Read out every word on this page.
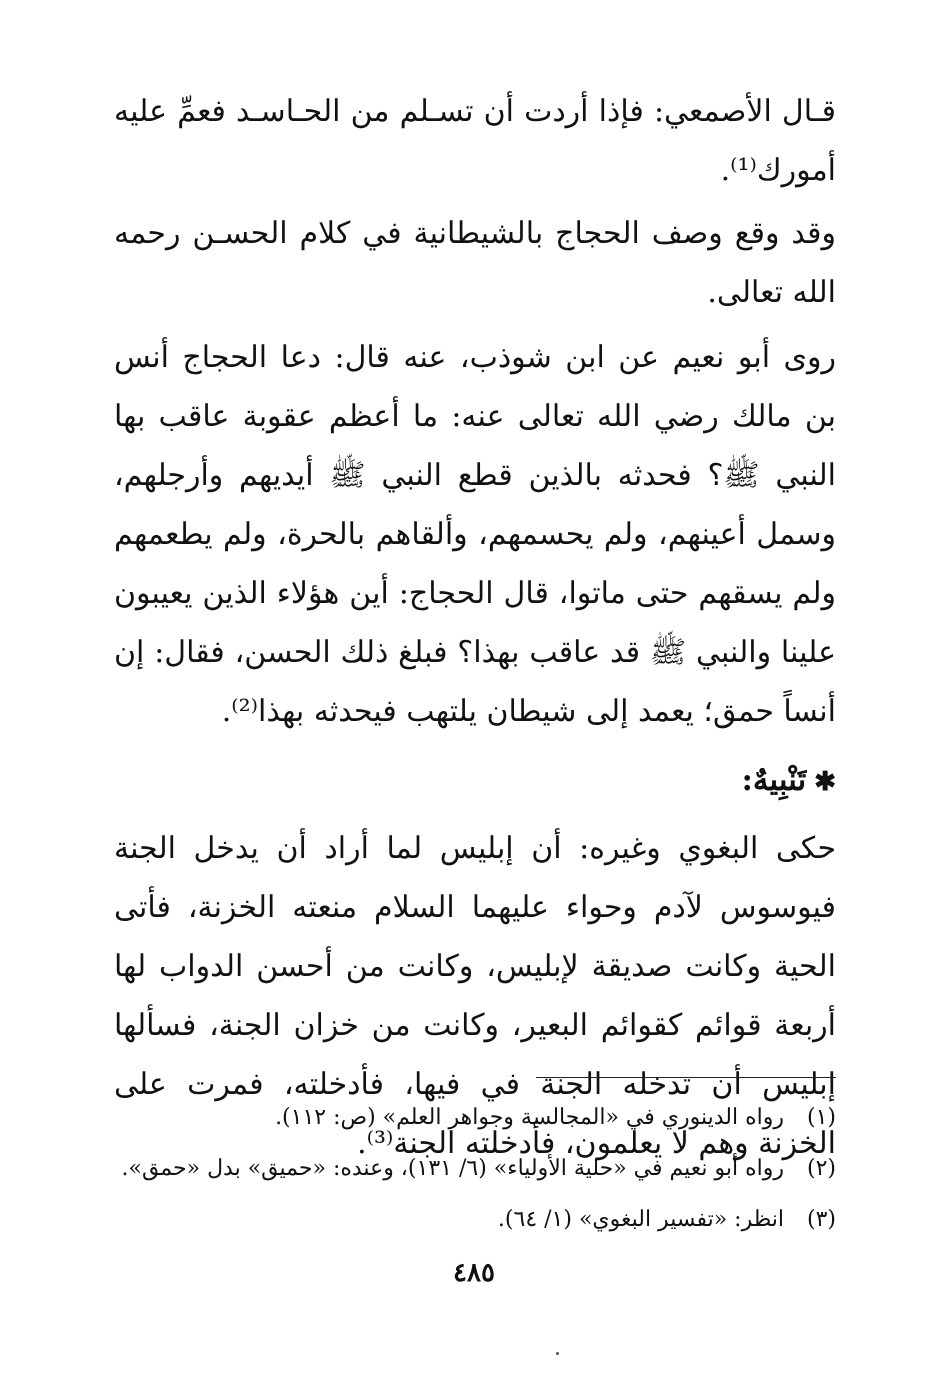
قـال الأصمعي: فإذا أردت أن تسـلم من الحـاسـد فعمِّ عليه أمورك⁽¹⁾.

وقد وقع وصف الحجاج بالشيطانية في كلام الحسـن رحمه الله تعالى.

روى أبو نعيم عن ابن شوذب، عنه قال: دعا الحجاج أنس بن مالك رضي الله تعالى عنه: ما أعظم عقوبة عاقب بها النبي ﷺ؟ فحدثه بالذين قطع النبي ﷺ أيديهم وأرجلهم، وسمل أعينهم، ولم يحسمهم، وألقاهم بالحرة، ولم يطعمهم ولم يسقهم حتى ماتوا، قال الحجاج: أين هؤلاء الذين يعيبون علينا والنبي ﷺ قد عاقب بهذا؟ فبلغ ذلك الحسن، فقال: إن أنساً حمق؛ يعمد إلى شيطان يلتهب فيحدثه بهذا⁽²⁾.

✱تَنْبِيهٌ:

حكى البغوي وغيره: أن إبليس لما أراد أن يدخل الجنة فيوسوس لآدم وحواء عليهما السلام منعته الخزنة، فأتى الحية وكانت صديقة لإبليس، وكانت من أحسن الدواب لها أربعة قوائم كقوائم البعير، وكانت من خزان الجنة، فسألها إبليس أن تدخله الجنة في فيها، فأدخلته، فمرت على الخزنة وهم لا يعلمون، فأدخلته الجنة⁽³⁾.

(١)
رواه الدينوري في «المجالسة وجواهر العلم» (ص: ١١٢).
(٢)
رواه أبو نعيم في «حلية الأولياء» (٦/ ١٣١)، وعنده: «حميق» بدل «حمق».
(٣)
انظر: «تفسير البغوي» (١/ ٦٤).
٤٨٥
